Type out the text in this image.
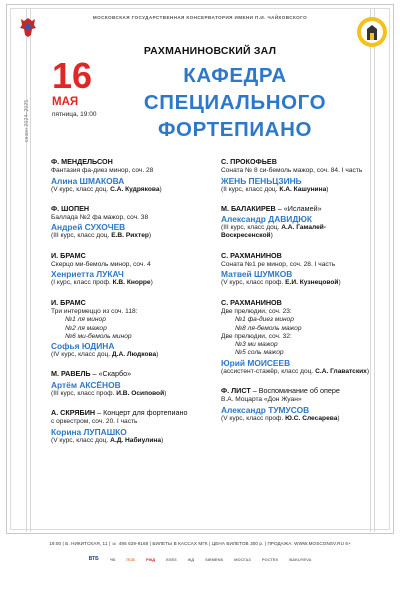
МОСКОВСКАЯ ГОСУДАРСТВЕННАЯ КОНСЕРВАТОРИЯ ИМЕНИ П.И. ЧАЙКОВСКОГО
РАХМАНИНОВСКИЙ ЗАЛ
КАФЕДРА
СПЕЦИАЛЬНОГО
ФОРТЕПИАНО
16
МАЯ
пятница, 19:00
сезон 2024–2025
Ф. МЕНДЕЛЬСОН
Фантазия фа-диез минор, соч. 28
Алина ШМАКОВА
(V курс, класс доц. С.А. Кудрякова)
Ф. ШОПЕН
Баллада №2 фа мажор, соч. 38
Андрей СУХОЧЕВ
(III курс, класс доц. Е.В. Рихтер)
И. БРАМС
Скерцо ми-бемоль минор, соч. 4
Хенриетта ЛУКАЧ
(I курс, класс проф. К.В. Кнорре)
И. БРАМС
Три интермеццо из соч. 118:
№1 ля минор
№2 ля мажор
№6 ми-бемоль минор
Софья ЮДИНА
(IV курс, класс доц. Д.А. Людкова)
М. РАВЕЛЬ – «Скарбо»
Артём АКСЁНОВ
(III курс, класс проф. И.В. Осиповой)
А. СКРЯБИН – Концерт для фортепиано
с оркестром, соч. 20. I часть
Корина ЛУПАШКО
(V курс, класс доц. А.Д. Набиулина)
С. ПРОКОФЬЕВ
Соната № 8 си-бемоль мажор, соч. 84. I часть
ЖЕНЬ ПЕНЬЦЗИНЬ
(II курс, класс доц. К.А. Кашунина)
М. БАЛАКИРЕВ – «Исламей»
Александр ДАВИДЮК
(III курс, класс доц. А.А. Гамалей-Воскресенской)
С. РАХМАНИНОВ
Соната №1 ре минор, соч. 28. I часть
Матвей ШУМКОВ
(V курс, класс проф. Е.И. Кузнецовой)
С. РАХМАНИНОВ
Две прелюдии, соч. 23:
№1 фа-диез минор
№8 ля-бемоль мажор
Две прелюдии, соч. 32:
№3 ми мажор
№5 соль мажор
Юрий МОИСЕЕВ
(ассистент-стажёр, класс доц. С.А. Главатских)
Ф. ЛИСТ – Воспоминание об опере
В.А. Моцарта «Дон Жуан»
Александр ТУМУСОВ
(V курс, класс проф. Ю.С. Слесарева)
19:00 | Б. НИКИТСКАЯ, 11 | ☏ 495 629-9168 | БИЛЕТЫ В КАССАХ МГК | ЦЕНА БИЛЕТОВ 300 р. | ПРОДАЖА: WWW.MOSCONSV.RU 6+
ВТБ	ЧБ	ПСБ	РЖД	ЕХЕЗ	ЖД	SIEMENS	МОСГАЗ	РОСТЕХ	BAKUYEVA
